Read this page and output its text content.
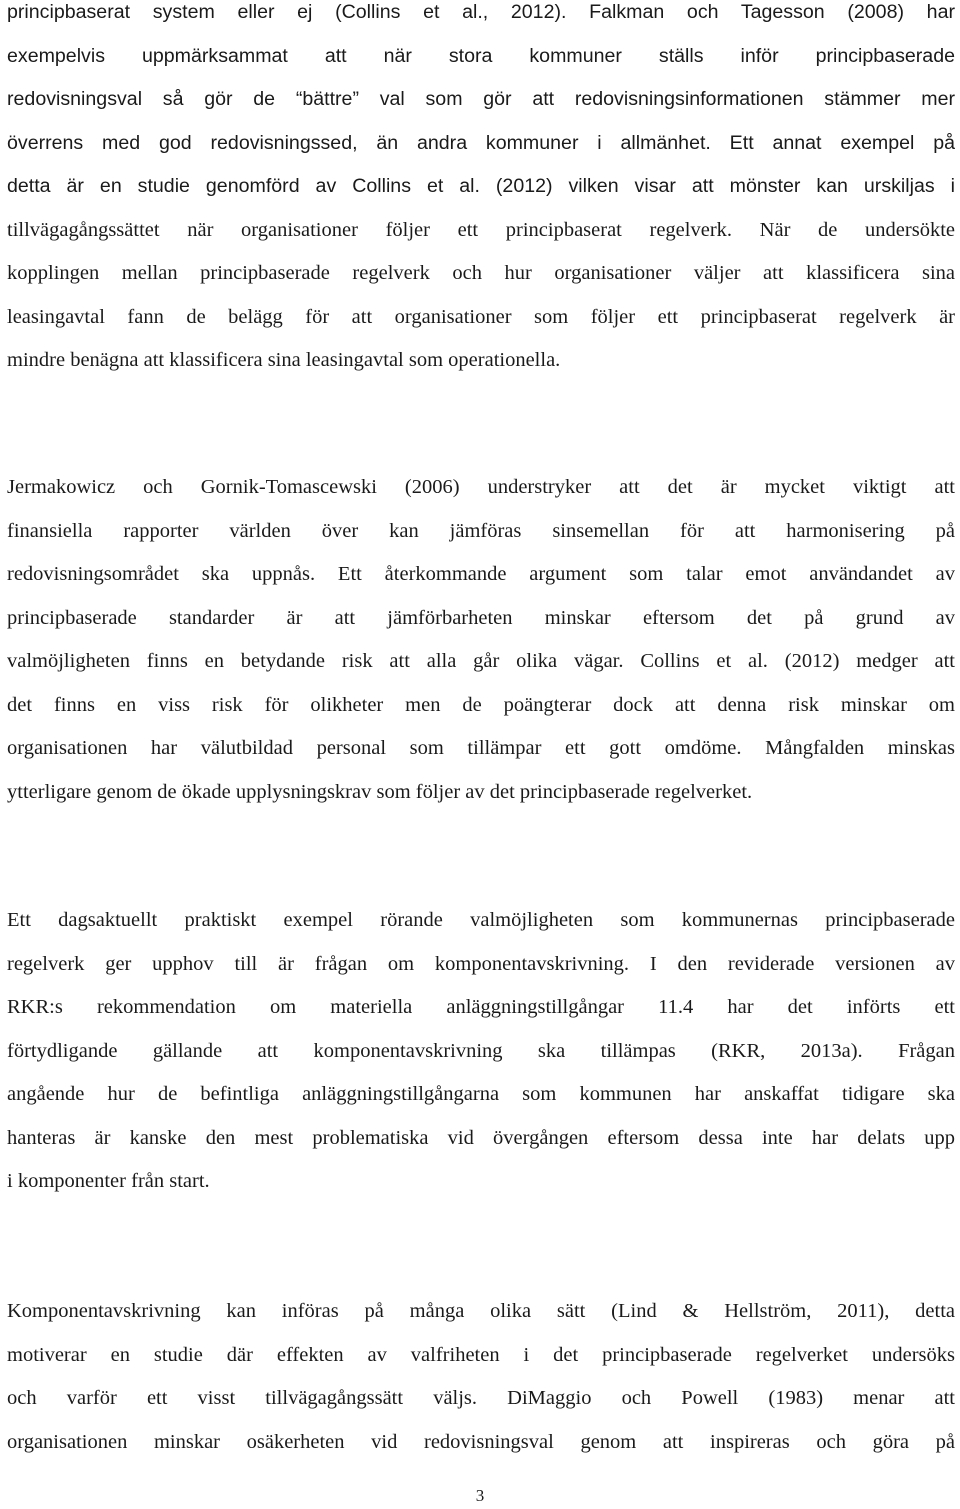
principbaserat system eller ej (Collins et al., 2012). Falkman och Tagesson (2008) har
exempelvis uppmärksammat att när stora kommuner ställs inför principbaserade
redovisningsval så gör de “bättre” val som gör att redovisningsinformationen stämmer mer
överrens med god redovisningssed, än andra kommuner i allmänhet. Ett annat exempel på
detta är en studie genomförd av Collins et al. (2012) vilken visar att mönster kan urskiljas i
tillvägagångssättet när organisationer följer ett principbaserat regelverk. När de undersökte
kopplingen mellan principbaserade regelverk och hur organisationer väljer att klassificera sina
leasingavtal fann de belägg för att organisationer som följer ett principbaserat regelverk är
mindre benägna att klassificera sina leasingavtal som operationella.
Jermakowicz och Gornik-Tomascewski (2006) understryker att det är mycket viktigt att
finansiella rapporter världen över kan jämföras sinsemellan för att harmonisering på
redovisningsområdet ska uppnås. Ett återkommande argument som talar emot användandet av
principbaserade standarder är att jämförbarheten minskar eftersom det på grund av
valmöjligheten finns en betydande risk att alla går olika vägar. Collins et al. (2012) medger att
det finns en viss risk för olikheter men de poängterar dock att denna risk minskar om
organisationen har välutbildad personal som tillämpar ett gott omdöme. Mångfalden minskas
ytterligare genom de ökade upplysningskrav som följer av det principbaserade regelverket.
Ett dagsaktuellt praktiskt exempel rörande valmöjligheten som kommunernas principbaserade
regelverk ger upphov till är frågan om komponentavskrivning. I den reviderade versionen av
RKR:s rekommendation om materiella anläggningstillgångar 11.4 har det införts ett
förtydligande gällande att komponentavskrivning ska tillämpas (RKR, 2013a). Frågan
angående hur de befintliga anläggningstillgångarna som kommunen har anskaffat tidigare ska
hanteras är kanske den mest problematiska vid övergången eftersom dessa inte har delats upp
i komponenter från start.
Komponentavskrivning kan införas på många olika sätt (Lind & Hellström, 2011), detta
motiverar en studie där effekten av valfriheten i det principbaserade regelverket undersöks
och varför ett visst tillvägagångssätt väljs. DiMaggio och Powell (1983) menar att
organisationen minskar osäkerheten vid redovisningsval genom att inspireras och göra på
3
